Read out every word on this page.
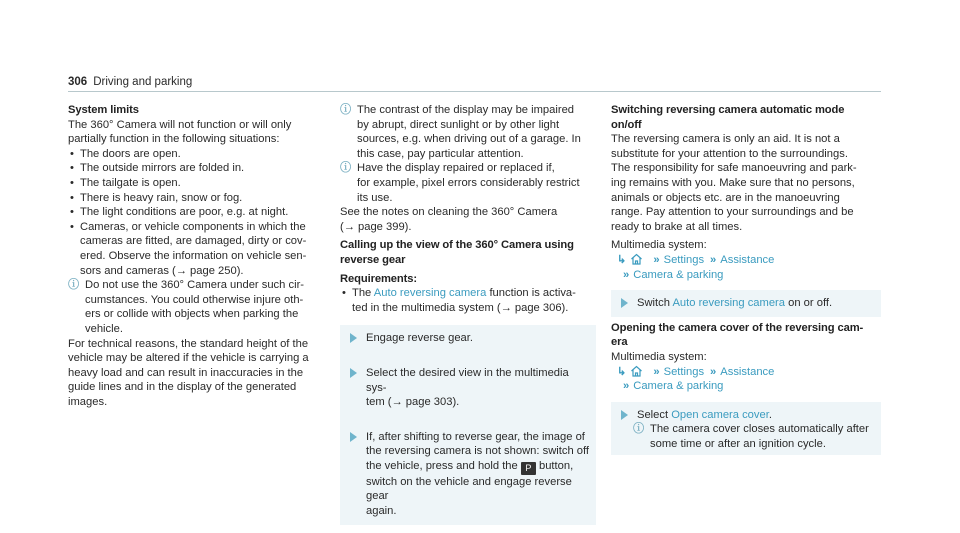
306 Driving and parking
System limits
The 360° Camera will not function or will only
partially function in the following situations:
• The doors are open.
• The outside mirrors are folded in.
• The tailgate is open.
• There is heavy rain, snow or fog.
• The light conditions are poor, e.g. at night.
• Cameras, or vehicle components in which the
cameras are fitted, are damaged, dirty or cov-
ered. Observe the information on vehicle sen-
sors and cameras (→ page 250).
ⓘ Do not use the 360° Camera under such cir-
cumstances. You could otherwise injure oth-
ers or collide with objects when parking the
vehicle.
For technical reasons, the standard height of the
vehicle may be altered if the vehicle is carrying a
heavy load and can result in inaccuracies in the
guide lines and in the display of the generated
images.
ⓘ The contrast of the display may be impaired
by abrupt, direct sunlight or by other light
sources, e.g. when driving out of a garage. In
this case, pay particular attention.
ⓘ Have the display repaired or replaced if,
for example, pixel errors considerably restrict
its use.
See the notes on cleaning the 360° Camera
(→ page 399).
Calling up the view of the 360° Camera using
reverse gear
Requirements:
• The Auto reversing camera function is activa-
ted in the multimedia system (→ page 306).
Engage reverse gear.
Select the desired view in the multimedia sys-
tem (→ page 303).
If, after shifting to reverse gear, the image of
the reversing camera is not shown: switch off
the vehicle, press and hold the P button,
switch on the vehicle and engage reverse gear
again.
Switching reversing camera automatic mode
on/off
The reversing camera is only an aid. It is not a
substitute for your attention to the surroundings.
The responsibility for safe manoeuvring and park-
ing remains with you. Make sure that no persons,
animals or objects etc. are in the manoeuvring
range. Pay attention to your surroundings and be
ready to brake at all times.
Multimedia system:
↳ » Settings » Assistance
» Camera & parking
Switch Auto reversing camera on or off.
Opening the camera cover of the reversing cam-
era
Multimedia system:
↳ » Settings » Assistance
» Camera & parking
Select Open camera cover.
ⓘ The camera cover closes automatically after
some time or after an ignition cycle.
